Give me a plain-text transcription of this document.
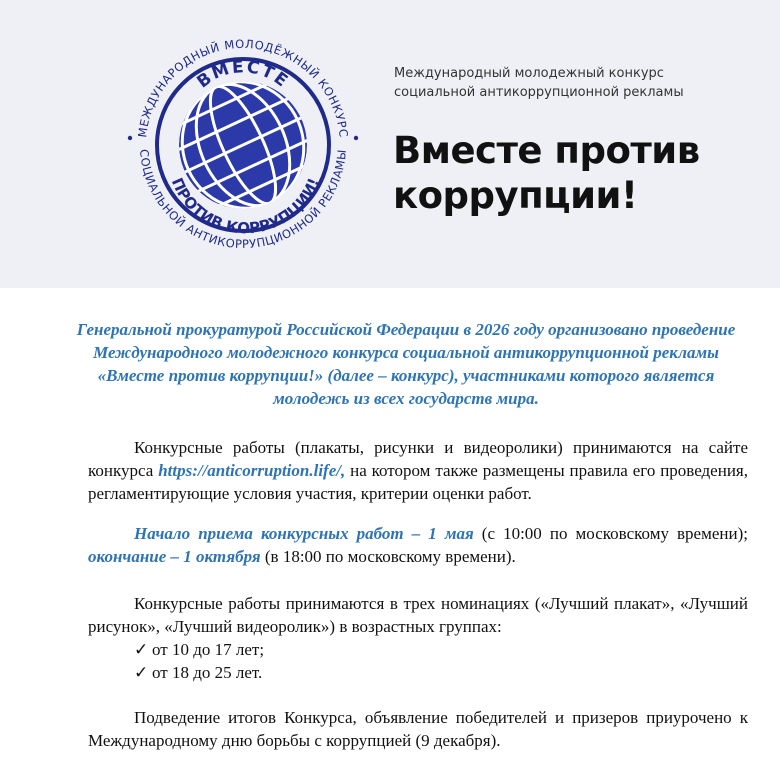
МЕЖДУНАРОДНЫЙ МОЛОДЁЖНЫЙ КОНКУРС
СОЦИАЛЬНОЙ АНТИКОРРУПЦИОННОЙ РЕКЛАМЫ
ВМЕСТЕ
ПРОТИВ КОРРУПЦИИ!
Международный молодежный конкурс
социальной антикоррупционной рекламы
Вместе против
коррупции!
Генеральной прокуратурой Российской Федерации в 2026 году организовано проведение Международного молодежного конкурса социальной антикоррупционной рекламы «Вместе против коррупции!» (далее – конкурс), участниками которого является молодежь из всех государств мира.
Конкурсные работы (плакаты, рисунки и видеоролики) принимаются на сайте конкурса https://anticorruption.life/, на котором также размещены правила его проведения, регламентирующие условия участия, критерии оценки работ.
Начало приема конкурсных работ – 1 мая (с 10:00 по московскому времени); окончание – 1 октября (в 18:00 по московскому времени).
Конкурсные работы принимаются в трех номинациях («Лучший плакат», «Лучший рисунок», «Лучший видеоролик») в возрастных группах:
✓ от 10 до 17 лет;
✓ от 18 до 25 лет.
Подведение итогов Конкурса, объявление победителей и призеров приурочено к Международному дню борьбы с коррупцией (9 декабря).
